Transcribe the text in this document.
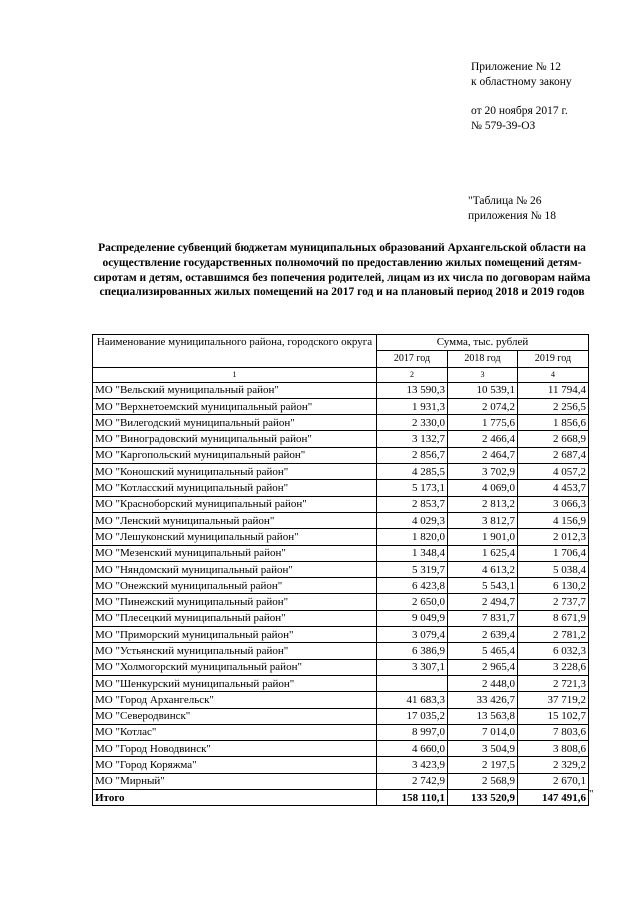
Приложение № 12
к областному закону
от 20 ноября 2017 г.
№ 579-39-ОЗ
"Таблица № 26
приложения № 18
Распределение субвенций бюджетам муниципальных образований Архангельской области на осуществление государственных полномочий по предоставлению жилых помещений детям-сиротам и детям, оставшимся без попечения родителей, лицам из их числа по договорам найма специализированных жилых помещений на 2017 год и на плановый период 2018 и 2019 годов
Наименование муниципального района, городского округа	Сумма, тыс. рублей		
	2017 год	2018 год	2019 год
1	2	3	4
МО "Вельский муниципальный район"	13 590,3	10 539,1	11 794,4
МО "Верхнетоемский муниципальный район"	1 931,3	2 074,2	2 256,5
МО "Вилегодский муниципальный район"	2 330,0	1 775,6	1 856,6
МО "Виноградовский муниципальный район"	3 132,7	2 466,4	2 668,9
МО "Каргопольский муниципальный район"	2 856,7	2 464,7	2 687,4
МО "Коношский муниципальный район"	4 285,5	3 702,9	4 057,2
МО "Котласский муниципальный район"	5 173,1	4 069,0	4 453,7
МО "Красноборский муниципальный район"	2 853,7	2 813,2	3 066,3
МО "Ленский муниципальный район"	4 029,3	3 812,7	4 156,9
МО "Лешуконский муниципальный район"	1 820,0	1 901,0	2 012,3
МО "Мезенский муниципальный район"	1 348,4	1 625,4	1 706,4
МО "Няндомский муниципальный район"	5 319,7	4 613,2	5 038,4
МО "Онежский муниципальный район"	6 423,8	5 543,1	6 130,2
МО "Пинежский муниципальный район"	2 650,0	2 494,7	2 737,7
МО "Плесецкий муниципальный район"	9 049,9	7 831,7	8 671,9
МО "Приморский муниципальный район"	3 079,4	2 639,4	2 781,2
МО "Устьянский муниципальный район"	6 386,9	5 465,4	6 032,3
МО "Холмогорский муниципальный район"	3 307,1	2 965,4	3 228,6
МО "Шенкурский муниципальный район"		2 448,0	2 721,3
МО "Город Архангельск"	41 683,3	33 426,7	37 719,2
МО "Северодвинск"	17 035,2	13 563,8	15 102,7
МО "Котлас"	8 997,0	7 014,0	7 803,6
МО "Город Новодвинск"	4 660,0	3 504,9	3 808,6
МО "Город Коряжма"	3 423,9	2 197,5	2 329,2
МО "Мирный"	2 742,9	2 568,9	2 670,1
Итого	158 110,1	133 520,9	147 491,6 "
